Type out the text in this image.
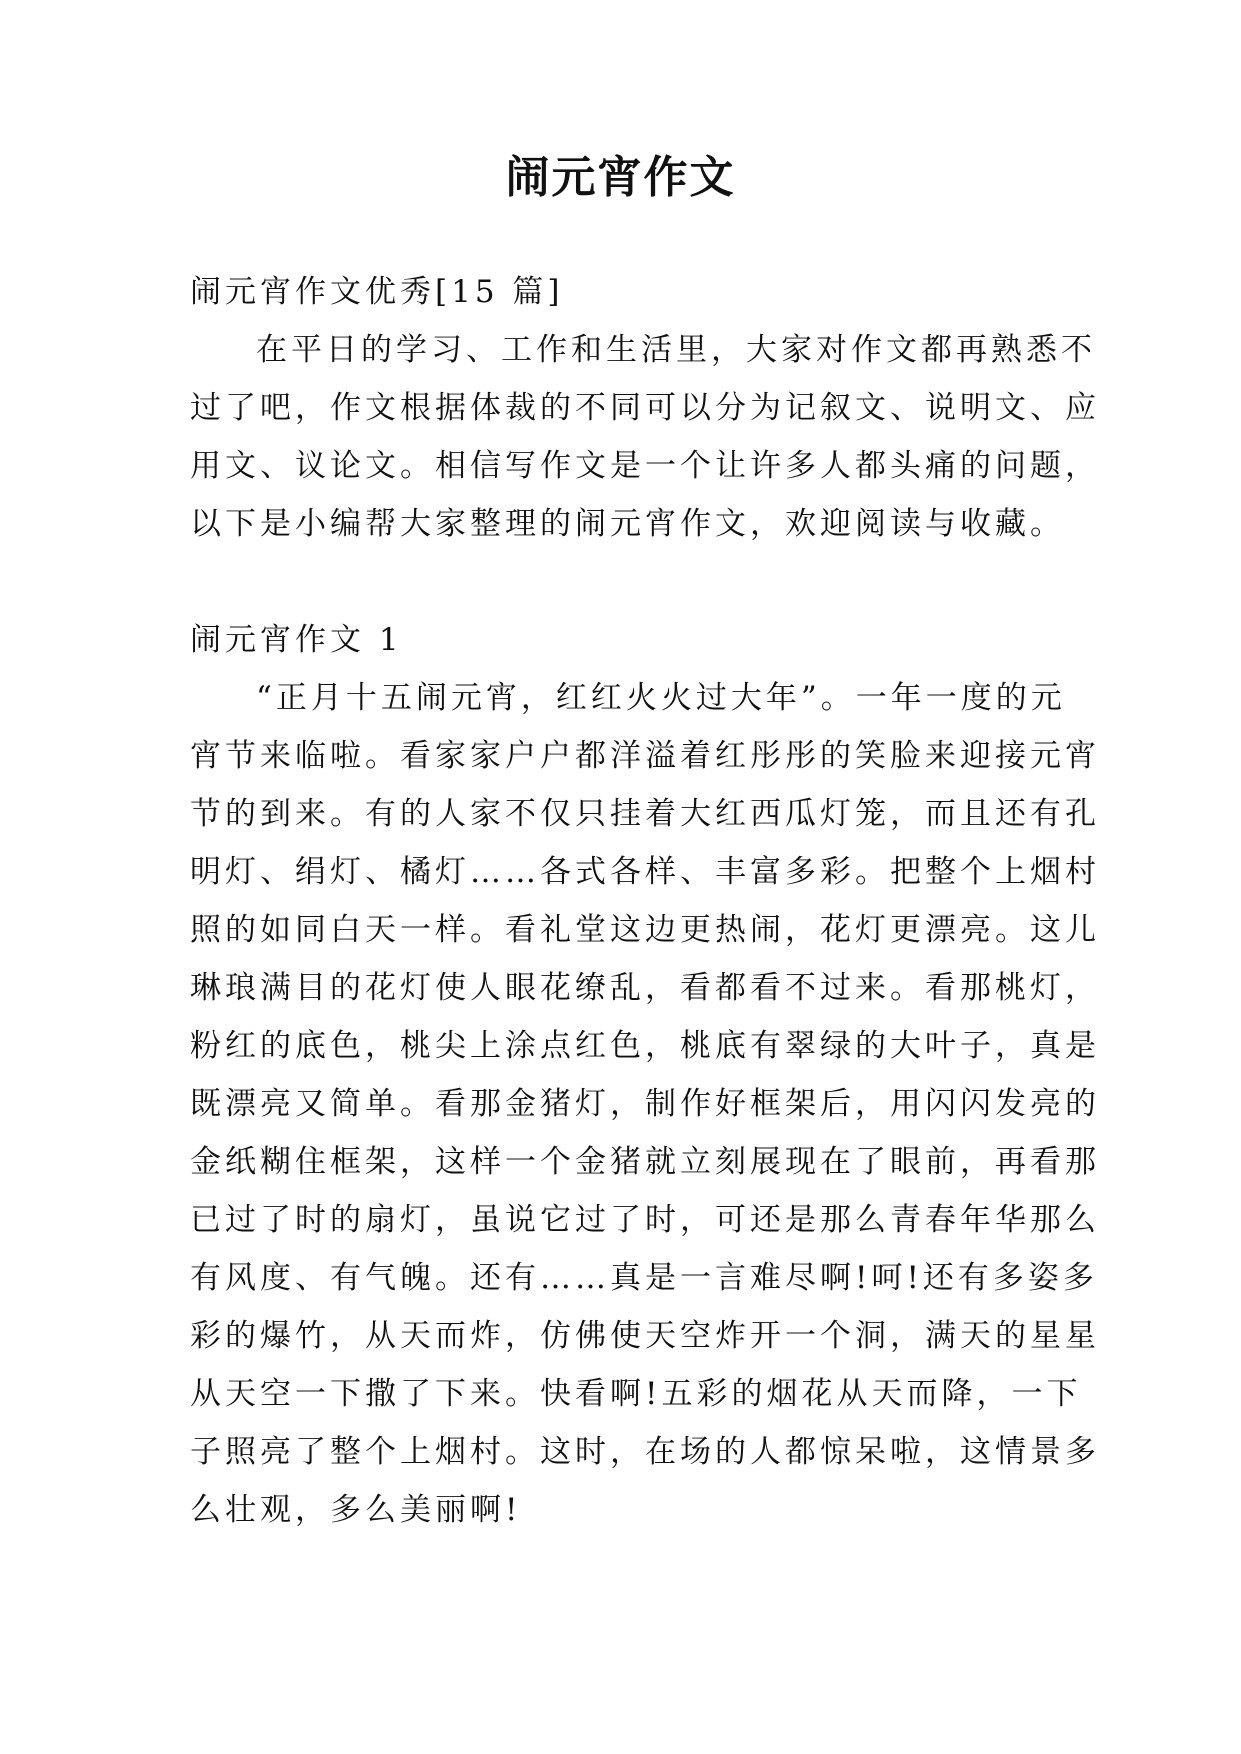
闹元宵作文
闹元宵作文优秀[15 篇]
在平日的学习、工作和生活里，大家对作文都再熟悉不
过了吧，作文根据体裁的不同可以分为记叙文、说明文、应
用文、议论文。相信写作文是一个让许多人都头痛的问题，
以下是小编帮大家整理的闹元宵作文，欢迎阅读与收藏。
闹元宵作文 1
“正月十五闹元宵，红红火火过大年”。一年一度的元
宵节来临啦。看家家户户都洋溢着红彤彤的笑脸来迎接元宵
节的到来。有的人家不仅只挂着大红西瓜灯笼，而且还有孔
明灯、绢灯、橘灯……各式各样、丰富多彩。把整个上烟村
照的如同白天一样。看礼堂这边更热闹，花灯更漂亮。这儿
琳琅满目的花灯使人眼花缭乱，看都看不过来。看那桃灯，
粉红的底色，桃尖上涂点红色，桃底有翠绿的大叶子，真是
既漂亮又简单。看那金猪灯，制作好框架后，用闪闪发亮的
金纸糊住框架，这样一个金猪就立刻展现在了眼前，再看那
已过了时的扇灯，虽说它过了时，可还是那么青春年华那么
有风度、有气魄。还有……真是一言难尽啊!呵!还有多姿多
彩的爆竹，从天而炸，仿佛使天空炸开一个洞，满天的星星
从天空一下撒了下来。快看啊!五彩的烟花从天而降，一下
子照亮了整个上烟村。这时，在场的人都惊呆啦，这情景多
么壮观，多么美丽啊!
